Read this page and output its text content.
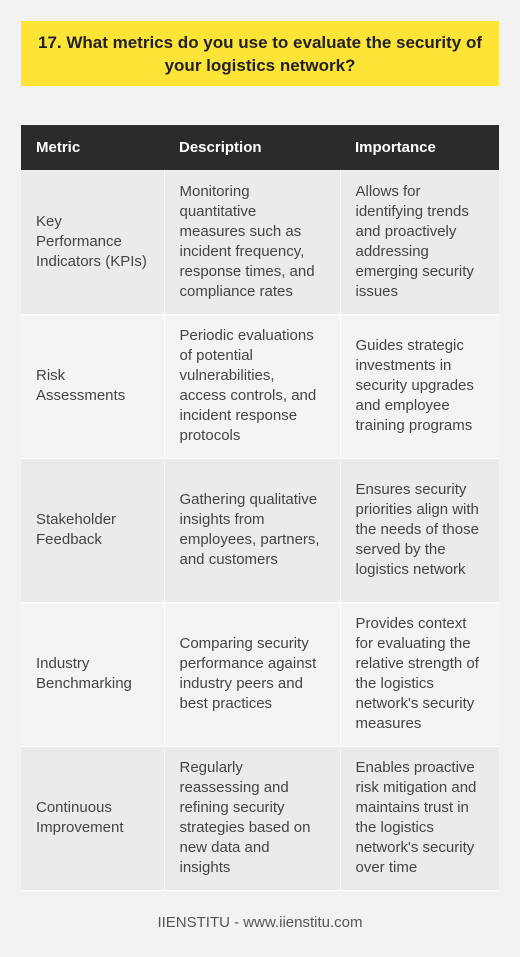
17. What metrics do you use to evaluate the security of your logistics network?
Metric	Description	Importance
Key Performance Indicators (KPIs)	Monitoring quantitative measures such as incident frequency, response times, and compliance rates	Allows for identifying trends and proactively addressing emerging security issues
Risk Assessments	Periodic evaluations of potential vulnerabilities, access controls, and incident response protocols	Guides strategic investments in security upgrades and employee training programs
Stakeholder Feedback	Gathering qualitative insights from employees, partners, and customers	Ensures security priorities align with the needs of those served by the logistics network
Industry Benchmarking	Comparing security performance against industry peers and best practices	Provides context for evaluating the relative strength of the logistics network's security measures
Continuous Improvement	Regularly reassessing and refining security strategies based on new data and insights	Enables proactive risk mitigation and maintains trust in the logistics network's security over time
IIENSTITU - www.iienstitu.com
